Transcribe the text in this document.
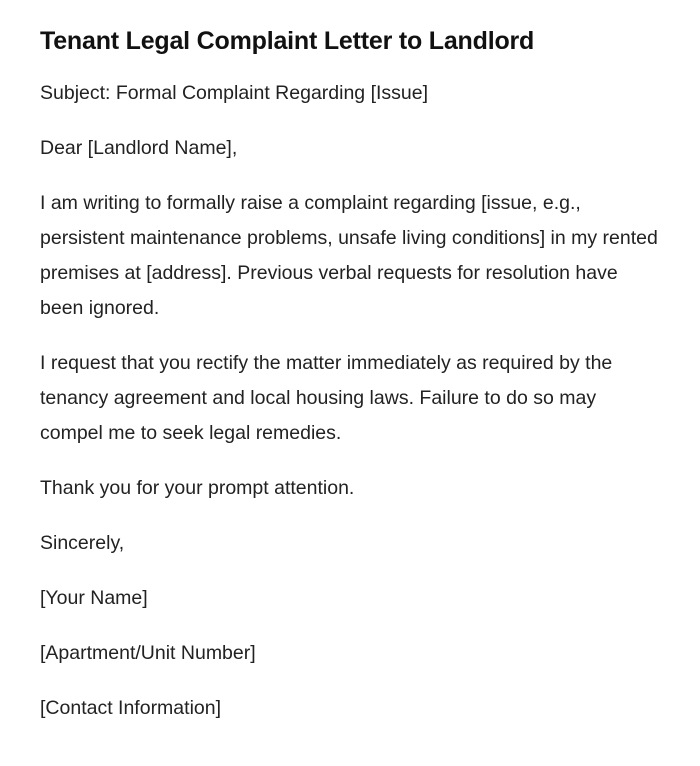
Tenant Legal Complaint Letter to Landlord

Subject: Formal Complaint Regarding [Issue]

Dear [Landlord Name],

I am writing to formally raise a complaint regarding [issue, e.g., persistent maintenance problems, unsafe living conditions] in my rented premises at [address]. Previous verbal requests for resolution have been ignored.

I request that you rectify the matter immediately as required by the tenancy agreement and local housing laws. Failure to do so may compel me to seek legal remedies.

Thank you for your prompt attention.

Sincerely,

[Your Name]

[Apartment/Unit Number]

[Contact Information]
